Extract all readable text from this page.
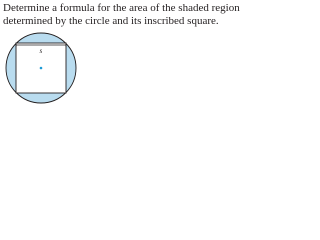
Determine a formula for the area of the shaded region
determined by the circle and its inscribed square.

s
